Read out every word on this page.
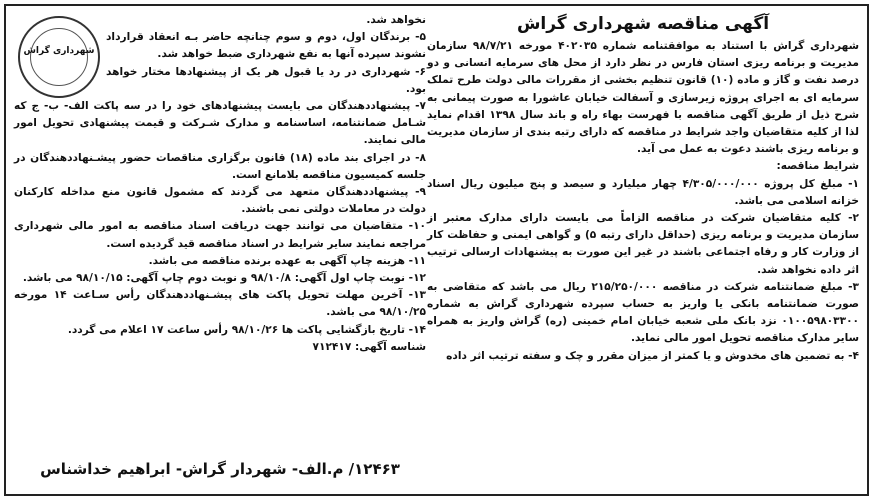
آگهی مناقصه شهرداری گراش

شهرداری گراش با استناد به موافقتنامه شماره ۴۰۲۰۳۵ مورخه ۹۸/۷/۲۱ سازمان مدیریت و برنامه ریزی استان فارس در نظر دارد از محل های سرمایه انسانی و دو درصد نفت و گاز و ماده (۱۰) قانون تنظیم بخشی از مقررات مالی دولت طرح تملک سرمایه ای به اجرای پروژه زیرسازی و آسفالت خیابان عاشورا به صورت پیمانی به شرح ذیل از طریق آگهی مناقصه با فهرست بهاء راه و باند سال ۱۳۹۸ اقدام نماید لذا از کلیه متقاضیان واجد شرایط در مناقصه که دارای رتبه بندی از سازمان مدیریت و برنامه ریزی باشند دعوت به عمل می آید.

شرایط مناقصه:

۱- مبلغ کل پروژه ۴/۳۰۵/۰۰۰/۰۰۰ چهار میلیارد و سیصد و پنج میلیون ریال اسناد خزانه اسلامی می باشد.

۲- کلیه متقاضیان شرکت در مناقصه الزاماً می بایست دارای مدارک معتبر از سازمان مدیریت و برنامه ریزی (حداقل دارای رتبه ۵) و گواهی ایمنی و حفاظت کار از وزارت کار و رفاه اجتماعی باشند در غیر این صورت به پیشنهادات ارسالی ترتیب اثر داده نخواهد شد.

۳- مبلغ ضمانتنامه شرکت در مناقصه ۲۱۵/۲۵۰/۰۰۰ ریال می باشد که متقاضی به صورت ضمانتنامه بانکی یا واریز به حساب سپرده شهرداری گراش به شماره ۰۱۰۰۵۹۸۰۳۳۰۰ نزد بانک ملی شعبه خیابان امام خمینی (ره) گراش واریز به همراه سایر مدارک مناقصه تحویل امور مالی نماید.

۴- به تضمین های مخدوش و یا کمتر از میزان مقرر و چک و سفته ترتیب اثر داده

شهرداری گراش

نخواهد شد.

۵- برندگان اول، دوم و سوم چنانچه حاضر بـه انعقاد قرارداد نشوند سپرده آنها به نفع شهرداری ضبط خواهد شد.

۶- شهرداری در رد یا قبول هر یک از پیشنهادها مختار خواهد بود.

۷- پیشنهاددهندگان می بایست پیشنهادهای خود را در سه پاکت الف- ب- ج که شـامل ضمانتنامه، اساسنامه و مدارک شـرکت و قیمت پیشنهادی تحویل امور مالی نمایند.

۸- در اجرای بند ماده (۱۸) قانون برگزاری مناقصات حضور پیشـنهاددهندگان در جلسه کمیسیون مناقصه بلامانع است.

۹- پیشنهاددهندگان متعهد می گردند که مشمول قانون منع مداخله کارکنان دولت در معاملات دولتی نمی باشند.

۱۰- متقاضیان می توانند جهت دریافت اسناد مناقصه به امور مالی شهرداری مراجعه نمایند سایر شرایط در اسناد مناقصه قید گردیده است.

۱۱- هزینه چاپ آگهی به عهده برنده مناقصه می باشد.

۱۲- نوبت چاپ اول آگهی: ۹۸/۱۰/۸ و نوبت دوم چاپ آگهی: ۹۸/۱۰/۱۵ می باشد.

۱۳- آخرین مهلت تحویل پاکت های پیشـنهاددهندگان رأس سـاعت ۱۴ مورخه ۹۸/۱۰/۲۵ می باشد.

۱۴- تاریخ بازگشایی پاکت ها ۹۸/۱۰/۲۶ رأس ساعت ۱۷ اعلام می گردد.

شناسه آگهی: ۷۱۲۴۱۷

۱۲۴۶۳/ م.الف- شهردار گراش- ابراهیم خداشناس
